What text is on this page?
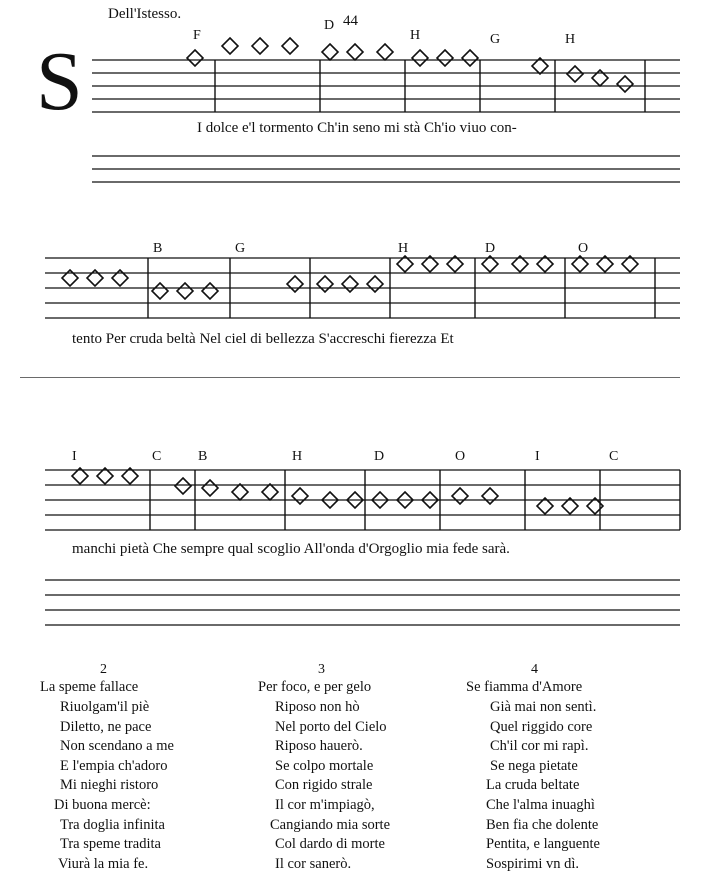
Dell'Istesso.	44
S	I dolce e'l tormento Ch'in seno mi stà Ch'io viuo con-
F
D
H	G	H
tento Per cruda beltà Nel ciel di bellezza S'accreschi fierezza Et
B	G	H	D	O
manchi pietà Che sempre qual scoglio All'onda d'Orgoglio mia fede sarà.
I	C	B	H	D	O	I	C
2	3	4
La speme fallace
Riuolgam'il piè
Diletto, ne pace
Non scendano a me
E l'empia ch'adoro
Mi nieghi ristoro
Di buona mercè:
Tra doglia infinita
Tra speme tradita
Viurà la mia fe.
Per foco, e per gelo
Riposo non hò
Nel porto del Cielo
Riposo hauerò.
Se colpo mortale
Con rigido strale
Il cor m'impiagò,
Cangiando mia sorte
Col dardo di morte
Il cor sanerò.
Se fiamma d'Amore
Già mai non sentì.
Quel riggido core
Ch'il cor mi rapì.
Se nega pietate
La cruda beltate
Che l'alma inuaghì
Ben fia che dolente
Pentita, e languente
Sospirimi vn dì.
